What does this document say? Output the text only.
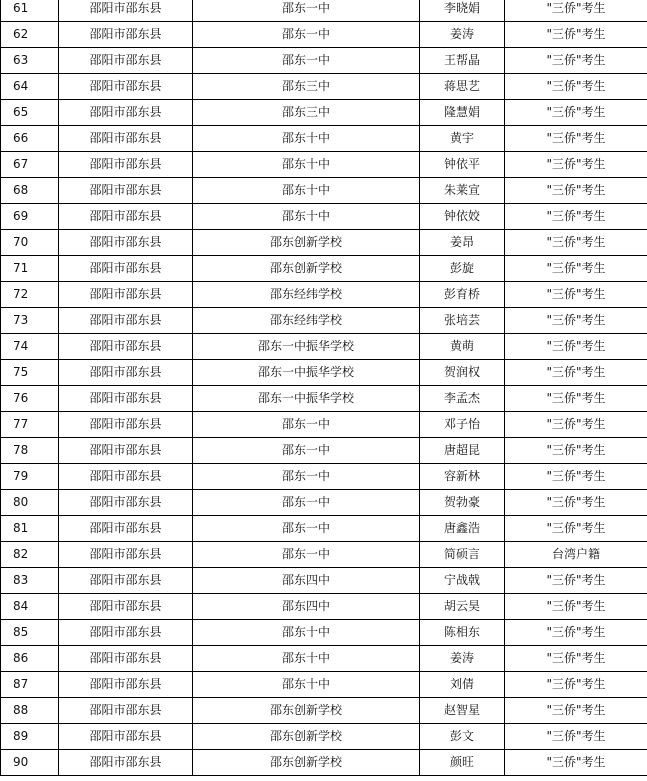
61	邵阳市邵东县	邵东一中	李晓娟	"三侨"考生
62	邵阳市邵东县	邵东一中	姜涛	"三侨"考生
63	邵阳市邵东县	邵东一中	王帮晶	"三侨"考生
64	邵阳市邵东县	邵东三中	蒋思艺	"三侨"考生
65	邵阳市邵东县	邵东三中	隆慧娟	"三侨"考生
66	邵阳市邵东县	邵东十中	黄宇	"三侨"考生
67	邵阳市邵东县	邵东十中	钟依平	"三侨"考生
68	邵阳市邵东县	邵东十中	朱莱宣	"三侨"考生
69	邵阳市邵东县	邵东十中	钟依姣	"三侨"考生
70	邵阳市邵东县	邵东创新学校	姜昂	"三侨"考生
71	邵阳市邵东县	邵东创新学校	彭旋	"三侨"考生
72	邵阳市邵东县	邵东经纬学校	彭育桥	"三侨"考生
73	邵阳市邵东县	邵东经纬学校	张培芸	"三侨"考生
74	邵阳市邵东县	邵东一中振华学校	黄萌	"三侨"考生
75	邵阳市邵东县	邵东一中振华学校	贺润权	"三侨"考生
76	邵阳市邵东县	邵东一中振华学校	李孟杰	"三侨"考生
77	邵阳市邵东县	邵东一中	邓子怡	"三侨"考生
78	邵阳市邵东县	邵东一中	唐超昆	"三侨"考生
79	邵阳市邵东县	邵东一中	容新林	"三侨"考生
80	邵阳市邵东县	邵东一中	贺勃豪	"三侨"考生
81	邵阳市邵东县	邵东一中	唐鑫浩	"三侨"考生
82	邵阳市邵东县	邵东一中	简硕言	台湾户籍
83	邵阳市邵东县	邵东四中	宁战戟	"三侨"考生
84	邵阳市邵东县	邵东四中	胡云昊	"三侨"考生
85	邵阳市邵东县	邵东十中	陈相东	"三侨"考生
86	邵阳市邵东县	邵东十中	姜涛	"三侨"考生
87	邵阳市邵东县	邵东十中	刘倩	"三侨"考生
88	邵阳市邵东县	邵东创新学校	赵智星	"三侨"考生
89	邵阳市邵东县	邵东创新学校	彭文	"三侨"考生
90	邵阳市邵东县	邵东创新学校	颜旺	"三侨"考生
